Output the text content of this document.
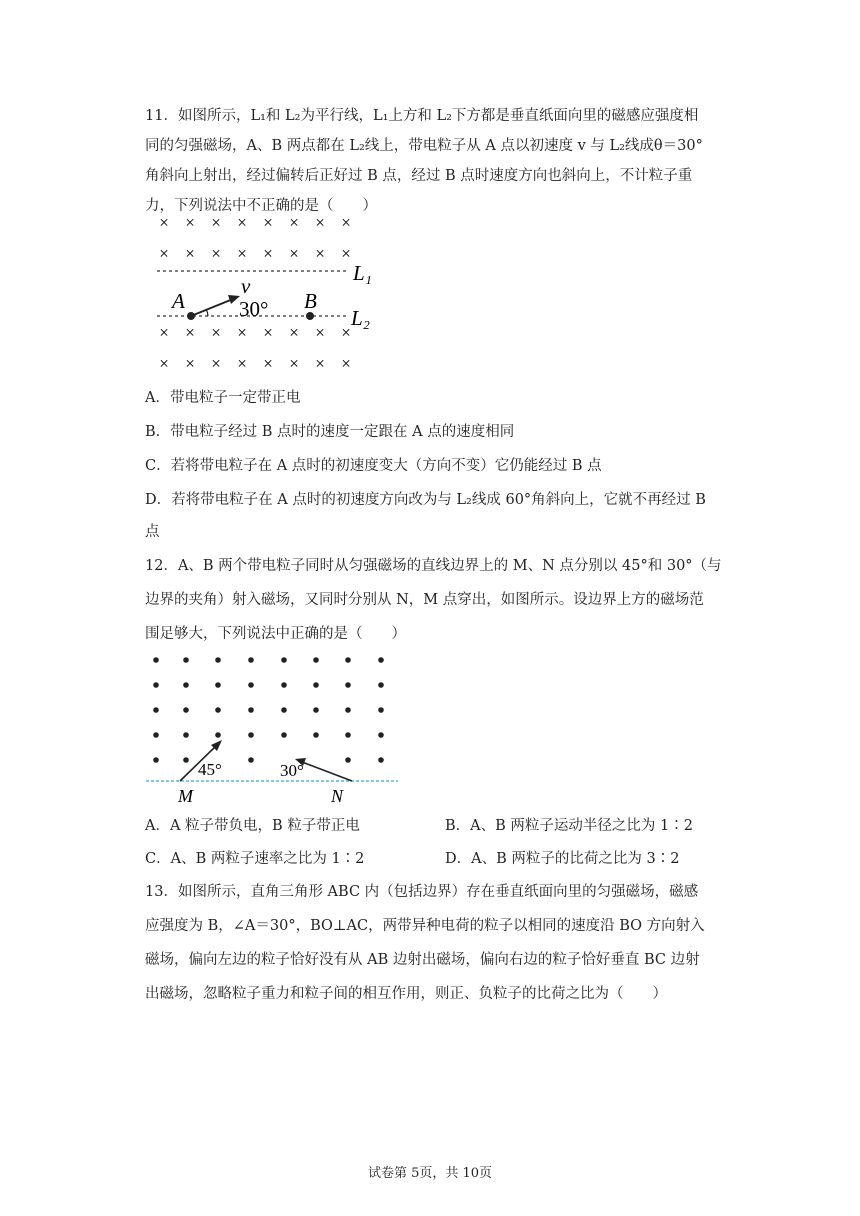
11．如图所示，L₁和 L₂为平行线，L₁上方和 L₂下方都是垂直纸面向里的磁感应强度相
同的匀强磁场，A、B 两点都在 L₂线上，带电粒子从 A 点以初速度 v 与 L₂线成θ＝30°
角斜向上射出，经过偏转后正好过 B 点，经过 B 点时速度方向也斜向上，不计粒子重
力，下列说法中不正确的是（　　）
× × × × × × × ×
× × × × × × × ×
× × × × × × × ×
× × × × × × × ×
L₁
L₂
A	B
v
30°
A．带电粒子一定带正电
B．带电粒子经过 B 点时的速度一定跟在 A 点的速度相同
C．若将带电粒子在 A 点时的初速度变大（方向不变）它仍能经过 B 点
D．若将带电粒子在 A 点时的初速度方向改为与 L₂线成 60°角斜向上，它就不再经过 B
点
12．A、B 两个带电粒子同时从匀强磁场的直线边界上的 M、N 点分别以 45°和 30°（与
边界的夹角）射入磁场，又同时分别从 N，M 点穿出，如图所示。设边界上方的磁场范
围足够大，下列说法中正确的是（　　）
45°	30°
M	N
A．A 粒子带负电，B 粒子带正电	B．A、B 两粒子运动半径之比为 1∶2
C．A、B 两粒子速率之比为 1∶2	D．A、B 两粒子的比荷之比为 3∶2
13．如图所示，直角三角形 ABC 内（包括边界）存在垂直纸面向里的匀强磁场，磁感
应强度为 B，∠A＝30°，BO⊥AC，两带异种电荷的粒子以相同的速度沿 BO 方向射入
磁场，偏向左边的粒子恰好没有从 AB 边射出磁场，偏向右边的粒子恰好垂直 BC 边射
出磁场，忽略粒子重力和粒子间的相互作用，则正、负粒子的比荷之比为（　　）
试卷第 5页，共 10页
